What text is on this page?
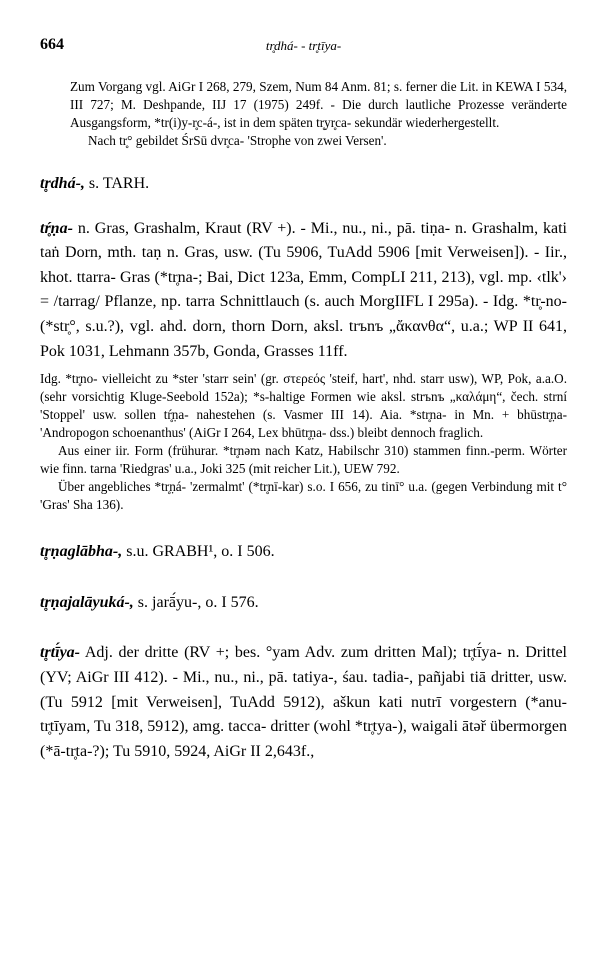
664	tr̥dhá- - tr̥tīya-

Zum Vorgang vgl. AiGr I 268, 279, Szem, Num 84 Anm. 81; s. ferner die Lit. in KEWA I 534, III 727; M. Deshpande, IIJ 17 (1975) 249f. - Die durch lautliche Prozesse veränderte Ausgangsform, *tr(i)y-r̥c-á-, ist in dem späten tr̥yr̥ca- sekundär wiederhergestellt.

Nach tr̥° gebildet ŚrSū dvr̥ca- 'Strophe von zwei Versen'.

tr̥dhá-, s. TARH.

tŕ̥ṇa- n. Gras, Grashalm, Kraut (RV +). - Mi., nu., ni., pā. tiṇa- n. Grashalm, kati taṅ Dorn, mth. taṇ n. Gras, usw. (Tu 5906, TuAdd 5906 [mit Verweisen]). - Iir., khot. ttarra- Gras (*tr̥na-; Bai, Dict 123a, Emm, CompLI 211, 213), vgl. mp. ‹tlk'› = /tarrag/ Pflanze, np. tarra Schnittlauch (s. auch MorgIIFL I 295a). - Idg. *tr̥-no- (*str̥°, s.u.?), vgl. ahd. dorn, thorn Dorn, aksl. trъnъ „ἄκανθα“, u.a.; WP II 641, Pok 1031, Lehmann 357b, Gonda, Grasses 11ff.

Idg. *tr̥no- vielleicht zu *ster 'starr sein' (gr. στερεός 'steif, hart', nhd. starr usw), WP, Pok, a.a.O. (sehr vorsichtig Kluge-Seebold 152a); *s-haltige Formen wie aksl. strъnъ „καλάμη“, čech. strní 'Stoppel' usw. sollen tŕ̥ṇa- nahestehen (s. Vasmer III 14). Aia. *str̥na- in Mn. + bhūstr̥ṇa- 'Andropogon schoenanthus' (AiGr I 264, Lex bhūtr̥ṇa- dss.) bleibt dennoch fraglich.

Aus einer iir. Form (frühurar. *tr̥nəm nach Katz, Habilschr 310) stammen finn.-perm. Wörter wie finn. tarna 'Riedgras' u.a., Joki 325 (mit reicher Lit.), UEW 792.

Über angebliches *tr̥ṇá- 'zermalmt' (*tr̥nī-kar) s.o. I 656, zu tinī° u.a. (gegen Verbindung mit t° 'Gras' Sha 136).

tr̥ṇaglābha-, s.u. GRABH¹, o. I 506.

tr̥ṇajalāyuká-, s. jarā́yu-, o. I 576.

tr̥tī́ya- Adj. der dritte (RV +; bes. °yam Adv. zum dritten Mal); tr̥tī́ya- n. Drittel (YV; AiGr III 412). - Mi., nu., ni., pā. tatiya-, śau. tadia-, pañjabi tiā dritter, usw. (Tu 5912 [mit Verweisen], TuAdd 5912), aškun kati nutrī vorgestern (*anu-tr̥tīyam, Tu 318, 5912), amg. tacca- dritter (wohl *tr̥tya-), waigali ātəř übermorgen (*ā-tr̥ta-?); Tu 5910, 5924, AiGr II 2,643f.,
